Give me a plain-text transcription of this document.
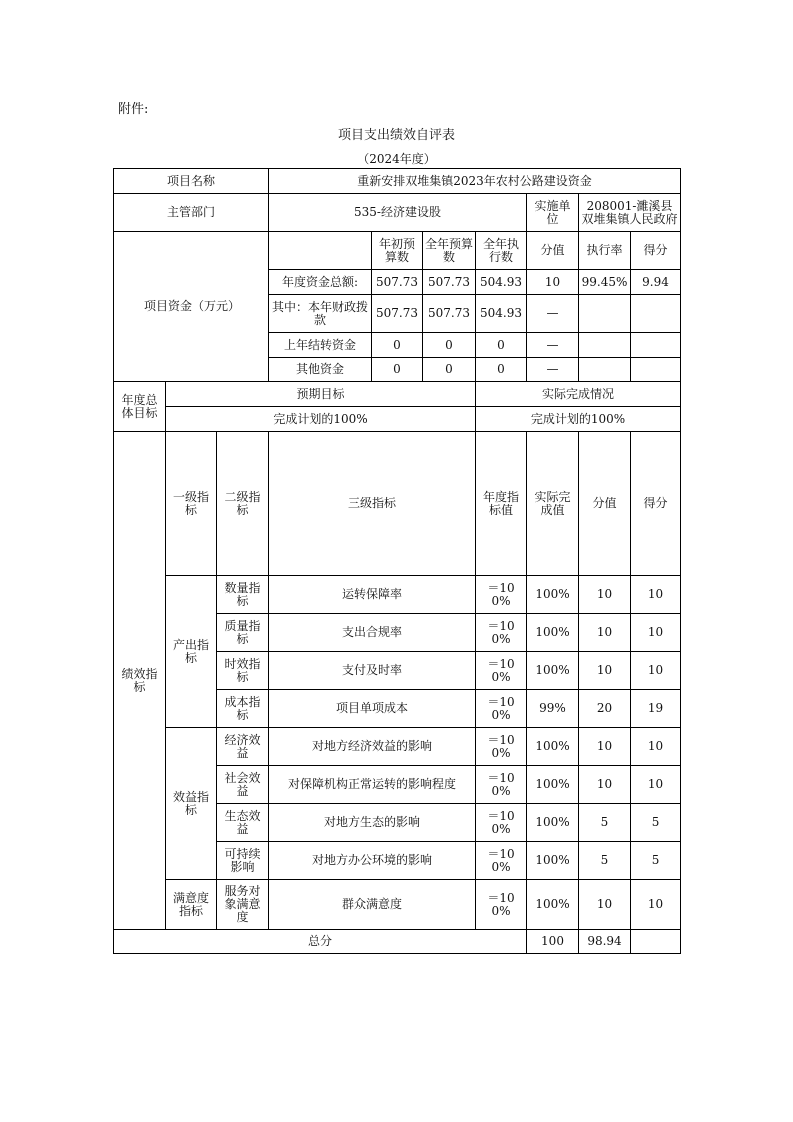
附件:
项目支出绩效自评表
（2024年度）
项目名称			重新安排双堆集镇2023年农村公路建设资金							
主管部门			535-经济建设股				实施单位	208001-濉溪县双堆集镇人民政府		
项目资金（万元）				年初预算数	全年预算数	全年执行数	分值	执行率	得分	
			年度资金总额:	507.73	507.73	504.93	10	99.45%	9.94	
			其中：本年财政拨款	507.73	507.73	504.93	—			
			上年结转资金	0	0	0	—			
			其他资金	0	0	0	—			
年度总体目标	预期目标					实际完成情况				
	完成计划的100%					完成计划的100%				
绩效指标	一级指标	二级指标	三级指标			年度指标值	实际完成值	分值	得分	
	产出指标	数量指标	运转保障率			＝100%	100%	10	10	
		质量指标	支出合规率			＝100%	100%	10	10	
		时效指标	支付及时率			＝100%	100%	10	10	
		成本指标	项目单项成本			＝100%	99%	20	19	
	效益指标	经济效益	对地方经济效益的影响			＝100%	100%	10	10	
		社会效益	对保障机构正常运转的影响程度			＝100%	100%	10	10	
		生态效益	对地方生态的影响			＝100%	100%	5	5	
		可持续影响	对地方办公环境的影响			＝100%	100%	5	5	
	满意度指标	服务对象满意度	群众满意度			＝100%	100%	10	10	
总分							100	98.94		
